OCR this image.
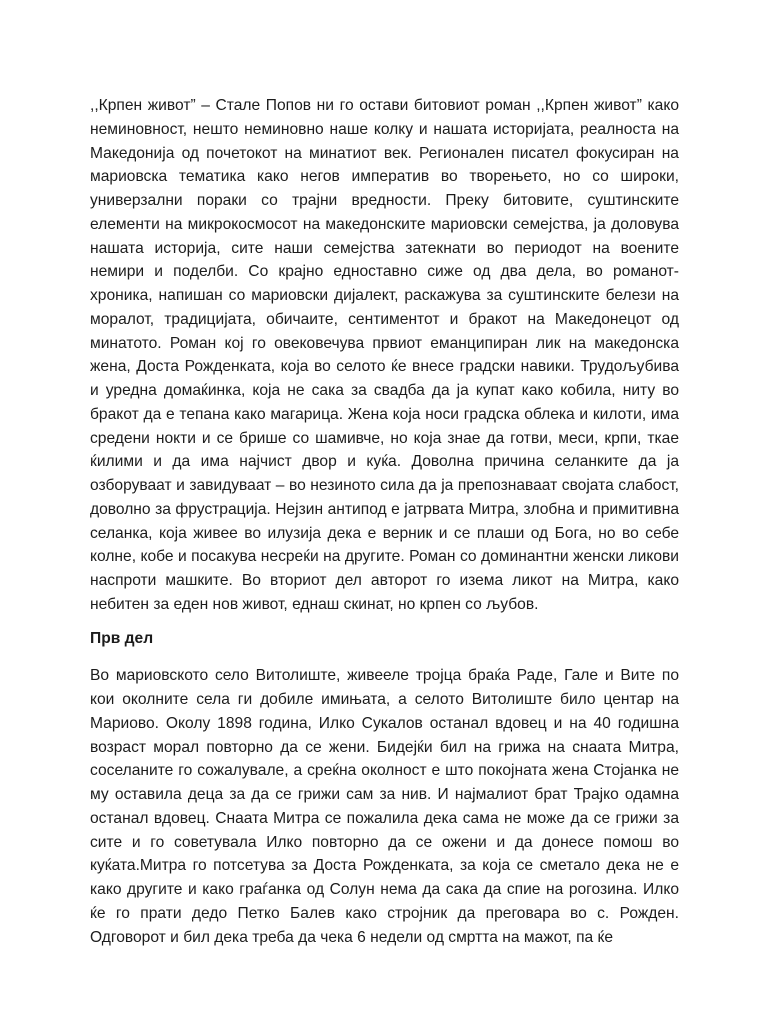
,,Крпен живот” – Стале Попов ни го остави битовиот роман ,,Крпен живот” како неминовност, нешто неминовно наше колку и нашата историјата, реалноста на Македонија од почетокот на минатиот век. Регионален писател фокусиран на мариовска тематика како негов императив во творењето, но со широки, универзални пораки со трајни вредности. Преку битовите, суштинските елементи на микрокосмосот на македонските мариовски семејства, ја доловува нашата историја, сите наши семејства затекнати во периодот на воените немири и поделби. Со крајно едноставно сиже од два дела, во романот- хроника, напишан со мариовски дијалект, раскажува за суштинските белези на моралот, традицијата, обичаите, сентиментот и бракот на Македонецот од минатото. Роман кој го овековечува првиот еманципиран лик на македонска жена, Доста Рожденката, која во селото ќе внесе градски навики. Трудољубива и уредна домаќинка, која не сака за свадба да ја купат како кобила, ниту во бракот да е тепана како магарица. Жена која носи градска облека и килоти, има средени нокти и се брише со шамивче, но која знае да готви, меси, крпи, ткае ќилими и да има најчист двор и куќа. Доволна причина селанките да ја озборуваат и завидуваат – во незиното сила да ја препознаваат својата слабост, доволно за фрустрација. Нејзин антипод е јатрвата Митра, злобна и примитивна селанка, која живее во илузија дека е верник и се плаши од Бога, но во себе колне, кобе и посакува несреќи на другите. Роман со доминантни женски ликови наспроти машките. Во вториот дел авторот го изема ликот на Митра, како небитен за еден нов живот, еднаш скинат, но крпен со љубов.

Прв дел

Во мариовското село Витолиште, живееле тројца браќа Раде, Гале и Вите по кои околните села ги добиле имињата, а селото Витолиште било центар на Мариово. Околу 1898 година, Илко Сукалов останал вдовец и на 40 годишна возраст морал повторно да се жени. Бидејќи бил на грижа на снаата Митра, соселаните го сожалувале, а среќна околност е што покојната жена Стојанка не му оставила деца за да се грижи сам за нив. И најмалиот брат Трајко одамна останал вдовец. Снаата Митра се пожалила дека сама не може да се грижи за сите и го советувала Илко повторно да се ожени и да донесе помош во куќата.Митра го потсетува за Доста Рожденката, за која се сметало дека не е како другите и како граѓанка од Солун нема да сака да спие на рогозина. Илко ќе го прати дедо Петко Балев како стројник да преговара во с. Рожден. Одговорот и бил дека треба да чека 6 недели од смртта на мажот, па ќе
